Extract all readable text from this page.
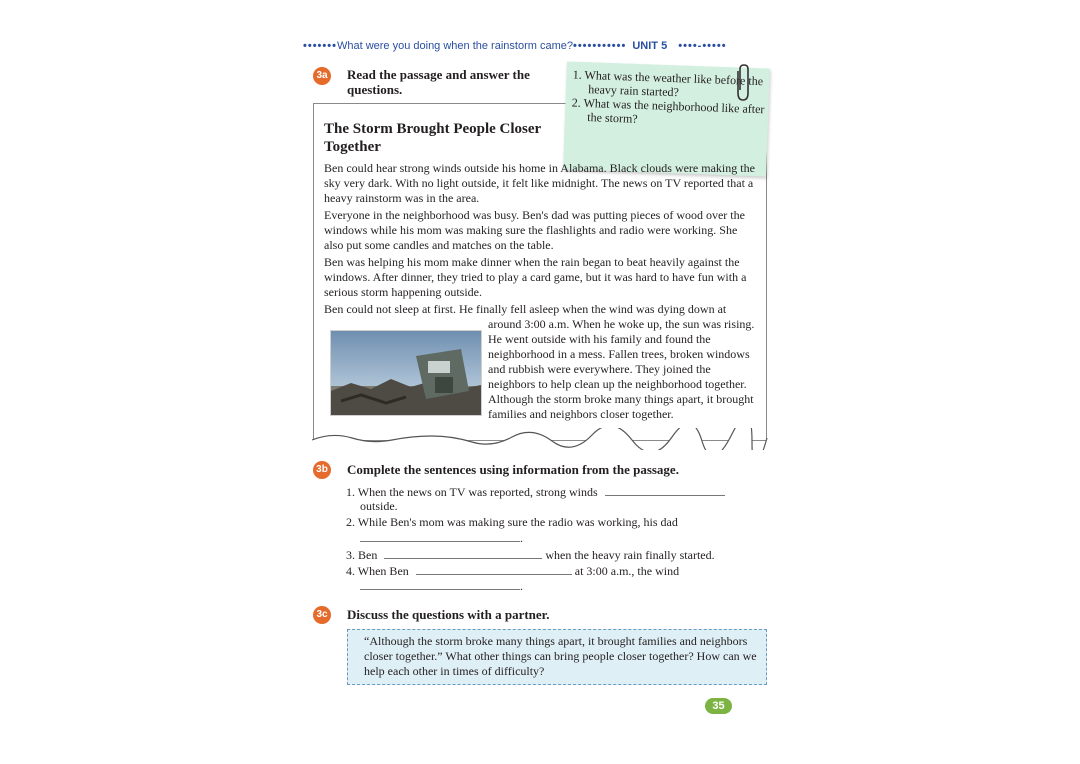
•••••••What were you doing when the rainstorm came?••••••••••• UNIT 5 ••••-•••••
3a Read the passage and answer the questions.
1. What was the weather like before the heavy rain started?
2. What was the neighborhood like after the storm?
The Storm Brought People Closer Together
Ben could hear strong winds outside his home in Alabama. Black clouds were making the sky very dark. With no light outside, it felt like midnight. The news on TV reported that a heavy rainstorm was in the area.
Everyone in the neighborhood was busy. Ben's dad was putting pieces of wood over the windows while his mom was making sure the flashlights and radio were working. She also put some candles and matches on the table.
Ben was helping his mom make dinner when the rain began to beat heavily against the windows. After dinner, they tried to play a card game, but it was hard to have fun with a serious storm happening outside.
Ben could not sleep at first. He finally fell asleep when the wind was dying down at
around 3:00 a.m. When he woke up, the sun was rising. He went outside with his family and found the neighborhood in a mess. Fallen trees, broken windows and rubbish were everywhere. They joined the neighbors to help clean up the neighborhood together. Although the storm broke many things apart, it brought families and neighbors closer together.
3b Complete the sentences using information from the passage.
1. When the news on TV was reported, strong winds
outside.
2. While Ben's mom was making sure the radio was working, his dad
.
3. Ben	when the heavy rain finally started.
4. When Ben	at 3:00 a.m., the wind
.
3c Discuss the questions with a partner.
“Although the storm broke many things apart, it brought families and neighbors closer together.” What other things can bring people closer together? How can we help each other in times of difficulty?
35
